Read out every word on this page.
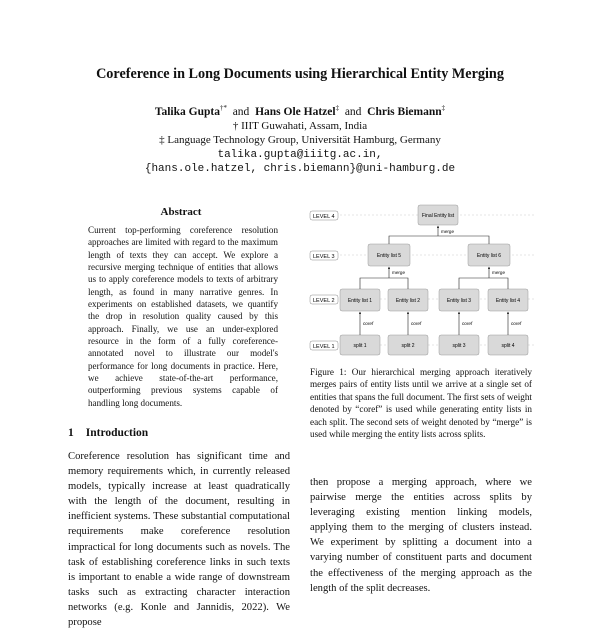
Coreference in Long Documents using Hierarchical Entity Merging
Talika Gupta†* and Hans Ole Hatzel‡ and Chris Biemann‡
† IIIT Guwahati, Assam, India
‡ Language Technology Group, Universität Hamburg, Germany
talika.gupta@iiitg.ac.in,
{hans.ole.hatzel, chris.biemann}@uni-hamburg.de
Abstract
Current top-performing coreference resolution approaches are limited with regard to the maximum length of texts they can accept. We explore a recursive merging technique of entities that allows us to apply coreference models to texts of arbitrary length, as found in many narrative genres. In experiments on established datasets, we quantify the drop in resolution quality caused by this approach. Finally, we use an under-explored resource in the form of a fully coreference-annotated novel to illustrate our model's performance for long documents in practice. Here, we achieve state-of-the-art performance, outperforming previous systems capable of handling long documents.
1 Introduction
Coreference resolution has significant time and memory requirements which, in currently released models, typically increase at least quadratically with the length of the document, resulting in inefficient systems. These substantial computational requirements make coreference resolution impractical for long documents such as novels. The task of establishing coreference links in such texts is important to enable a wide range of downstream tasks such as extracting character interaction networks (e.g. Konle and Jannidis, 2022). We propose
LEVEL 4
LEVEL 3
LEVEL 2
LEVEL 1
Final Entity list
Entity list 5	Entity list 6
Entity list 1	Entity list 2	Entity list 3	Entity list 4
split 1	split 2	split 3	split 4
coref	coref	coref	coref
merge	merge
merge
Figure 1: Our hierarchical merging approach iteratively merges pairs of entity lists until we arrive at a single set of entities that spans the full document. The first sets of weight denoted by “coref” is used while generating entity lists in each split. The second sets of weight denoted by “merge” is used while merging the entity lists across splits.
then propose a merging approach, where we pairwise merge the entities across splits by leveraging existing mention linking models, applying them to the merging of clusters instead. We experiment by splitting a document into a varying number of constituent parts and document the effectiveness of the merging approach as the length of the split decreases.
